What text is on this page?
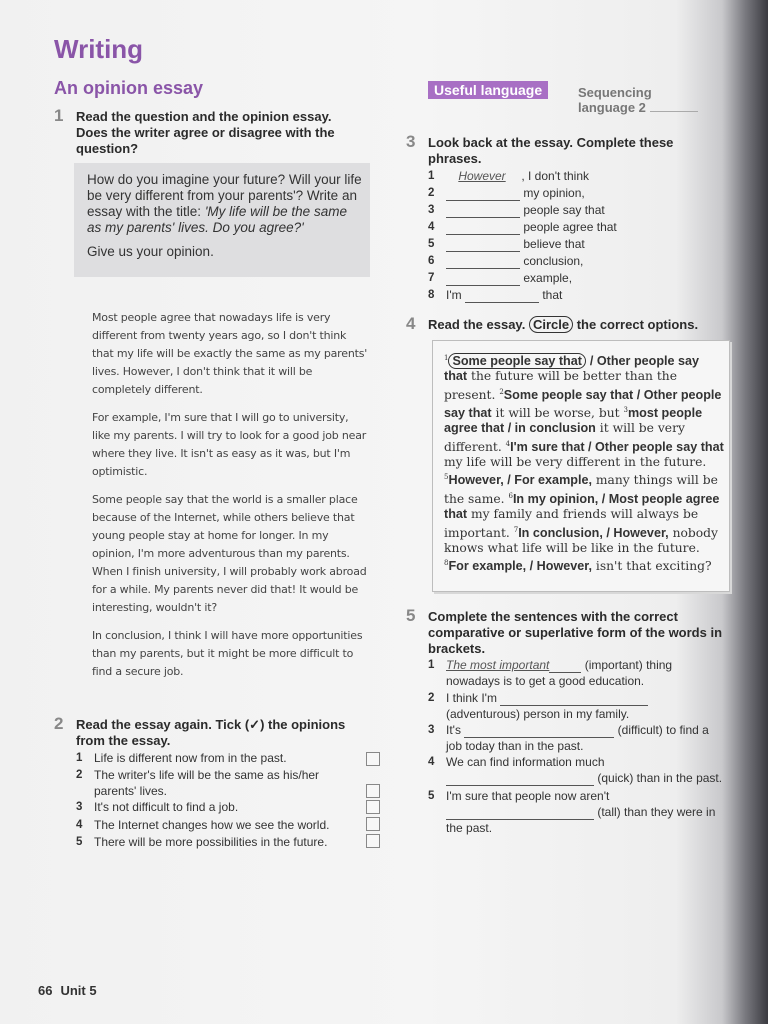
Writing
An opinion essay
1 Read the question and the opinion essay. Does the writer agree or disagree with the question?

How do you imagine your future? Will your life be very different from your parents'? Write an essay with the title: 'My life will be the same as my parents' lives. Do you agree?'

Give us your opinion.

Most people agree that nowadays life is very different from twenty years ago, so I don't think that my life will be exactly the same as my parents' lives. However, I don't think that it will be completely different.

For example, I'm sure that I will go to university, like my parents. I will try to look for a good job near where they live. It isn't as easy as it was, but I'm optimistic.

Some people say that the world is a smaller place because of the Internet, while others believe that young people stay at home for longer. In my opinion, I'm more adventurous than my parents. When I finish university, I will probably work abroad for a while. My parents never did that! It would be interesting, wouldn't it?

In conclusion, I think I will have more opportunities than my parents, but it might be more difficult to find a secure job.

2 Read the essay again. Tick (✓) the opinions from the essay.
1 Life is different now from in the past.
2 The writer's life will be the same as his/her
parents' lives.
3 It's not difficult to find a job.
4 The Internet changes how we see the world.
5 There will be more possibilities in the future.
Useful language	Sequencing
language 2
3 Look back at the essay. Complete these phrases.
1	However , I don't think
2	my opinion,
3	people say that
4	people agree that
5	believe that
6	conclusion,
7	example,
8 I'm	that
4 Read the essay. Circle the correct options.
$^1$ Some people say that / Other people say that the future will be better than the present. $^2$Some people say that / Other people say that it will be worse, but $^3$most people agree that / in conclusion it will be very different. $^4$I'm sure that / Other people say that my life will be very different in the future. $^5$However, / For example, many things will be the same. $^6$In my opinion, / Most people agree that my family and friends will always be important. $^7$In conclusion, / However, nobody knows what life will be like in the future. $^8$For example, / However, isn't that exciting?
5 Complete the sentences with the correct comparative or superlative form of the words in brackets.
1 The most important	(important) thing
nowadays is to get a good education.
2 I think I'm
(adventurous) person in my family.
3 It's	(difficult) to find a
job today than in the past.
4 We can find information much
(quick) than in the past.
5 I'm sure that people now aren't
(tall) than they were in
the past.
66 Unit 5
